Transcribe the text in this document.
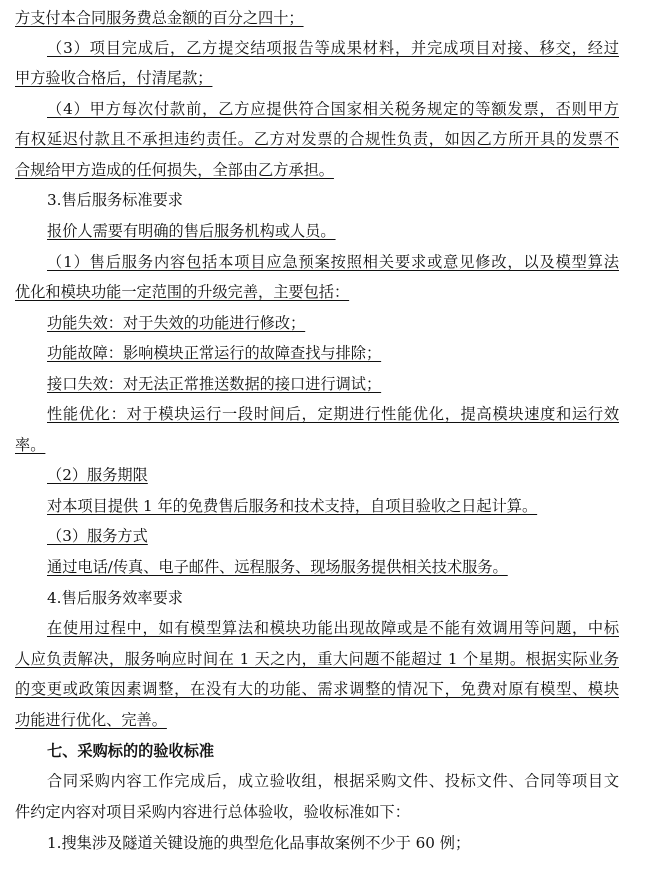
方支付本合同服务费总金额的百分之四十；
（3）项目完成后，乙方提交结项报告等成果材料，并完成项目对接、移交，经过
甲方验收合格后，付清尾款；
（4）甲方每次付款前，乙方应提供符合国家相关税务规定的等额发票，否则甲方
有权延迟付款且不承担违约责任。乙方对发票的合规性负责，如因乙方所开具的发票不
合规给甲方造成的任何损失，全部由乙方承担。
3.售后服务标准要求
报价人需要有明确的售后服务机构或人员。
（1）售后服务内容包括本项目应急预案按照相关要求或意见修改，以及模型算法
优化和模块功能一定范围的升级完善，主要包括：
功能失效：对于失效的功能进行修改；
功能故障：影响模块正常运行的故障查找与排除；
接口失效：对无法正常推送数据的接口进行调试；
性能优化：对于模块运行一段时间后，定期进行性能优化，提高模块速度和运行效
率。
（2）服务期限
对本项目提供 1 年的免费售后服务和技术支持，自项目验收之日起计算。
（3）服务方式
通过电话/传真、电子邮件、远程服务、现场服务提供相关技术服务。
4.售后服务效率要求
在使用过程中，如有模型算法和模块功能出现故障或是不能有效调用等问题，中标
人应负责解决，服务响应时间在 1 天之内，重大问题不能超过 1 个星期。根据实际业务
的变更或政策因素调整，在没有大的功能、需求调整的情况下，免费对原有模型、模块
功能进行优化、完善。
七、采购标的的验收标准
合同采购内容工作完成后，成立验收组，根据采购文件、投标文件、合同等项目文
件约定内容对项目采购内容进行总体验收，验收标准如下：
1.搜集涉及隧道关键设施的典型危化品事故案例不少于 60 例；
